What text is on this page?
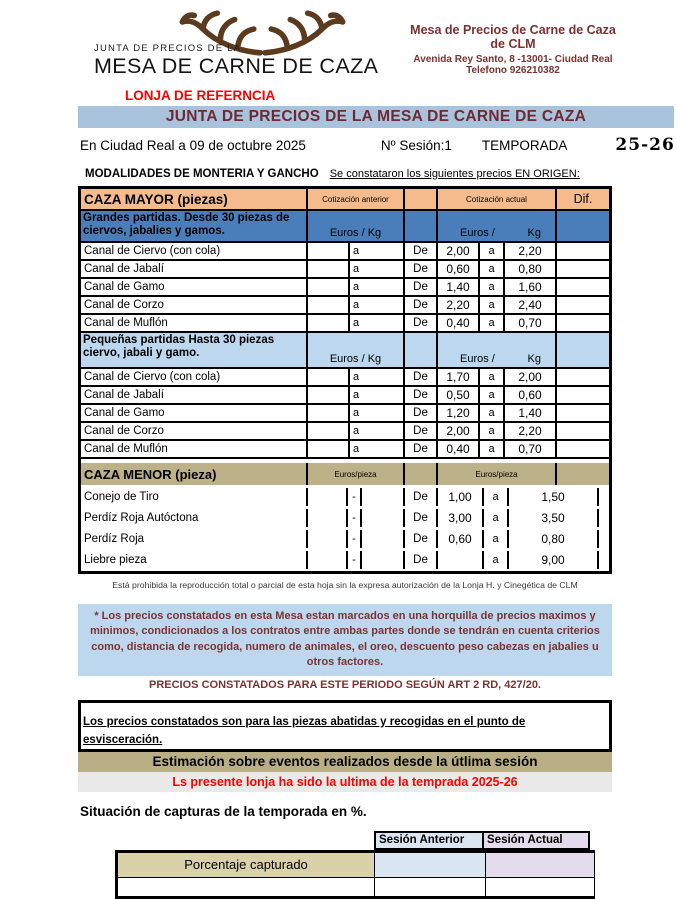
JUNTA DE PRECIOS DE LA
MESA DE CARNE DE CAZA
Mesa de Precios de Carne de Caza
de CLM
Avenida Rey Santo, 8 -13001- Ciudad Real
Telefono 926210382
LONJA DE REFERNCIA
JUNTA DE PRECIOS DE LA MESA DE CARNE DE CAZA
En Ciudad Real a 09 de octubre 2025	Nº Sesión:1 TEMPORADA	25-26
MODALIDADES DE MONTERIA Y GANCHO Se constataron los siguientes precios EN ORIGEN:
CAZA MAYOR (piezas)	Cotización anterior	Cotización actual	Dif.
Grandes partidas. Desde 30 piezas de ciervos, jabalies y gamos.	Euros / Kg	Euros /	Kg
Canal de Ciervo (con cola)	a	De	2,00	a	2,20
Canal de Jabalí	a	De	0,60	a	0,80
Canal de Gamo	a	De	1,40	a	1,60
Canal de Corzo	a	De	2,20	a	2,40
Canal de Muflón	a	De	0,40	a	0,70
Pequeñas partidas Hasta 30 piezas ciervo, jabali y gamo.	Euros / Kg	Euros /	Kg
Canal de Ciervo (con cola)	a	De	1,70	a	2,00
Canal de Jabalí	a	De	0,50	a	0,60
Canal de Gamo	a	De	1,20	a	1,40
Canal de Corzo	a	De	2,00	a	2,20
Canal de Muflón	a	De	0,40	a	0,70
CAZA MENOR (pieza)	Euros/pieza	Euros/pieza
Conejo de Tiro	-	De	1,00	a	1,50
Perdíz Roja Autóctona	-	De	3,00	a	3,50
Perdíz Roja	-	De	0,60	a	0,80
Liebre pieza	-	De	a	9,00
Está prohibida la reproducción total o parcial de esta hoja sin la expresa autorización de la Lonja H. y Cinegética de CLM
* Los precios constatados en esta Mesa estan marcados en una horquilla de precios maximos y minimos, condicionados a los contratos entre ambas partes donde se tendrán en cuenta criterios como, distancia de recogida, numero de animales, el oreo, descuento peso cabezas en jabalies u otros factores.
PRECIOS CONSTATADOS PARA ESTE PERIODO SEGÚN ART 2 RD, 427/20.
Los precios constatados son para las piezas abatidas y recogidas en el punto de esvisceración.
Estimación sobre eventos realizados desde la útlima sesión
Ls presente lonja ha sido la ultima de la temprada 2025-26
Situación de capturas de la temporada en %.
Sesión Anterior	Sesión Actual
Porcentaje capturado
